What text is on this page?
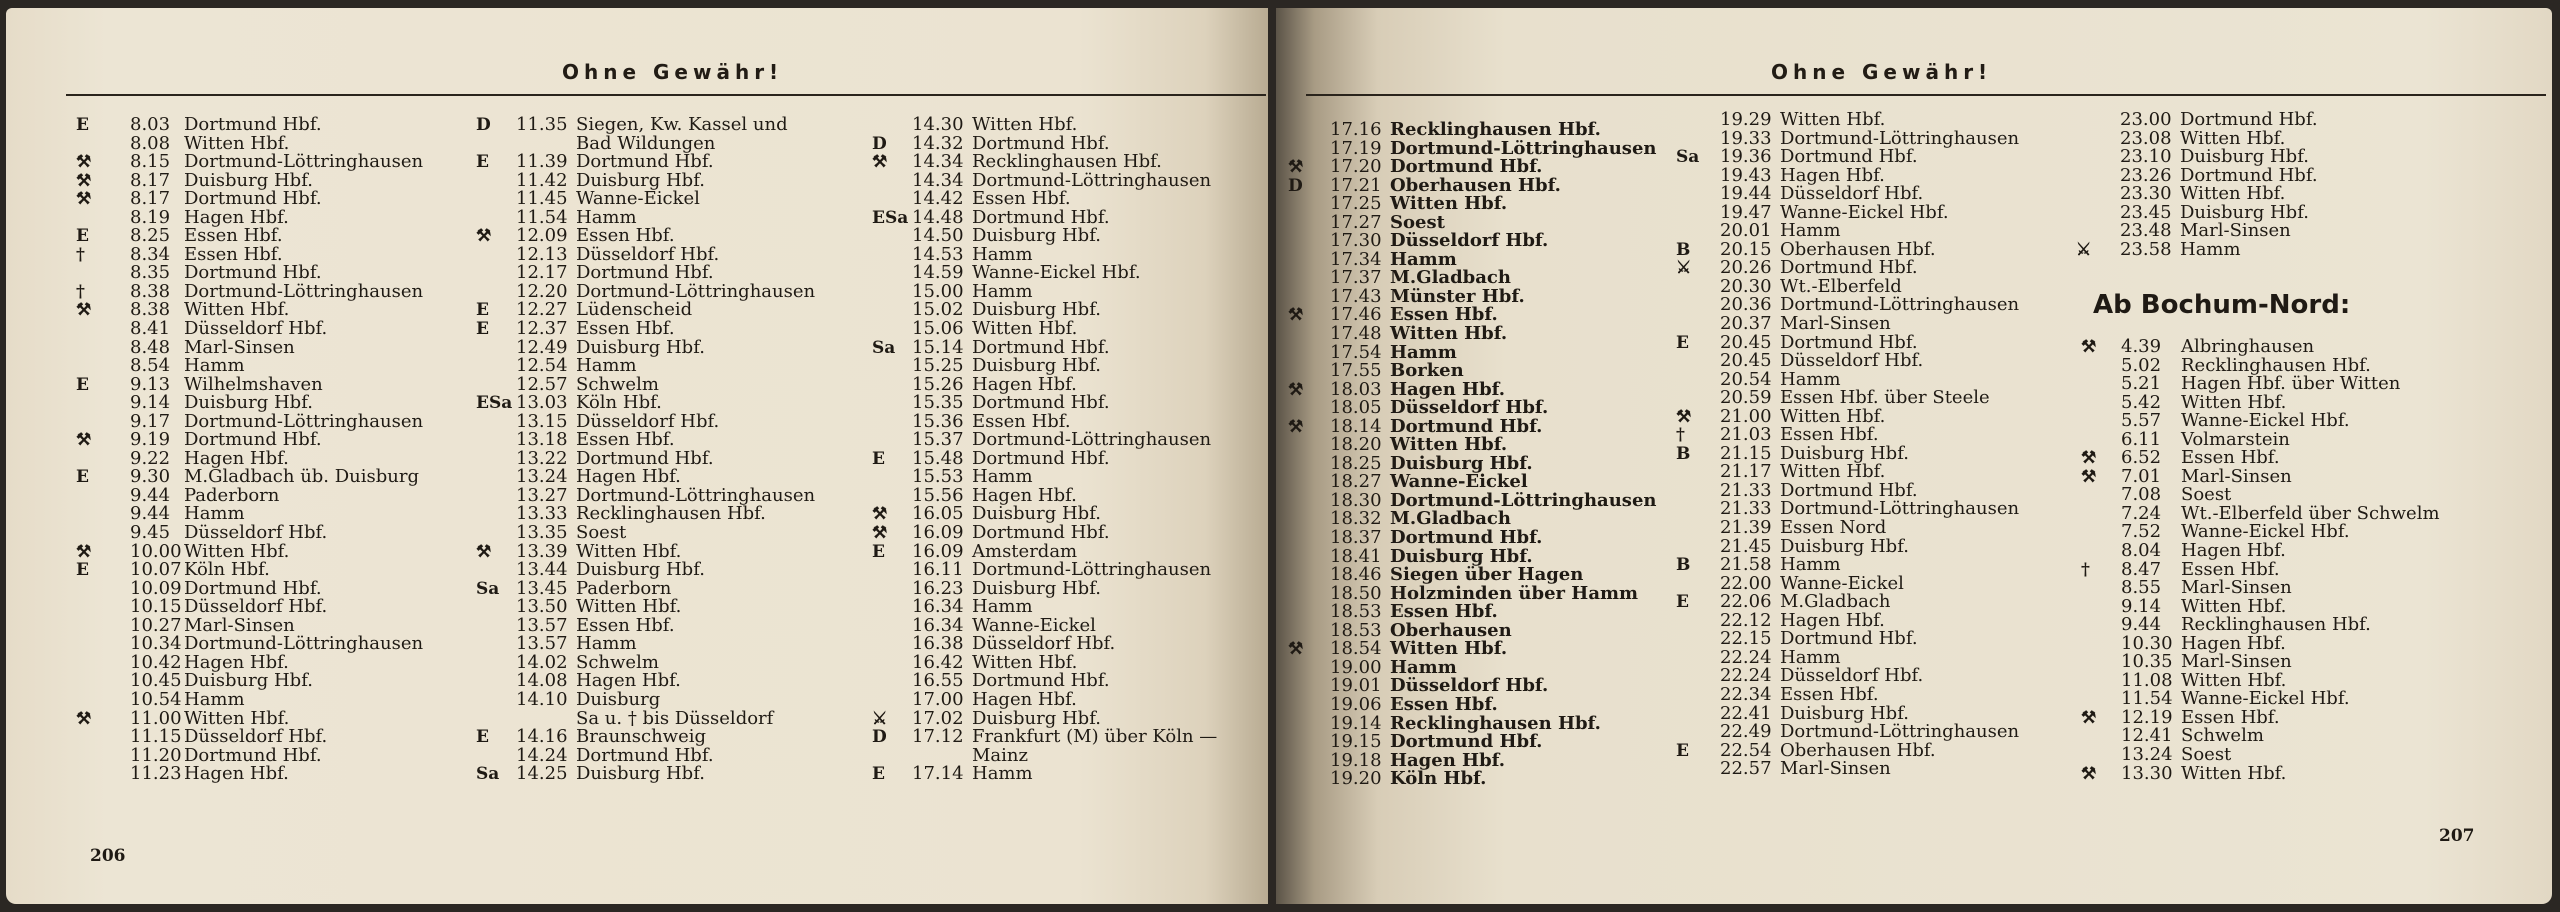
Ohne Gewähr!
E 8.03 Dortmund Hbf.
8.08 Witten Hbf.
⚒ 8.15 Dortmund-Löttringhausen
⚒ 8.17 Duisburg Hbf.
⚒ 8.17 Dortmund Hbf.
8.19 Hagen Hbf.
E 8.25 Essen Hbf.
†	8.34 Essen Hbf.
8.35 Dortmund Hbf.
†	8.38 Dortmund-Löttringhausen
⚒ 8.38 Witten Hbf.
8.41 Düsseldorf Hbf.
8.48 Marl-Sinsen
8.54 Hamm
E 9.13 Wilhelmshaven
9.14 Duisburg Hbf.
9.17 Dortmund-Löttringhausen
⚒ 9.19 Dortmund Hbf.
9.22 Hagen Hbf.
E 9.30 M.Gladbach üb. Duisburg
9.44 Paderborn
9.44 Hamm
9.45 Düsseldorf Hbf.
⚒ 10.00 Witten Hbf.
E 10.07 Köln Hbf.
10.09 Dortmund Hbf.
10.15 Düsseldorf Hbf.
10.27 Marl-Sinsen
10.34 Dortmund-Löttringhausen
10.42 Hagen Hbf.
10.45 Duisburg Hbf.
10.54 Hamm
⚒ 11.00 Witten Hbf.
11.15 Düsseldorf Hbf.
11.20 Dortmund Hbf.
11.23 Hagen Hbf.
D 11.35 Siegen, Kw. Kassel und
Bad Wildungen
E 11.39 Dortmund Hbf.
11.42 Duisburg Hbf.
11.45 Wanne-Eickel
11.54 Hamm
⚒ 12.09 Essen Hbf.
12.13 Düsseldorf Hbf.
12.17 Dortmund Hbf.
12.20 Dortmund-Löttringhausen
E 12.27 Lüdenscheid
E 12.37 Essen Hbf.
12.49 Duisburg Hbf.
12.54 Hamm
12.57 Schwelm
ESa 13.03 Köln Hbf.
13.15 Düsseldorf Hbf.
13.18 Essen Hbf.
13.22 Dortmund Hbf.
13.24 Hagen Hbf.
13.27 Dortmund-Löttringhausen
13.33 Recklinghausen Hbf.
13.35 Soest
⚒ 13.39 Witten Hbf.
13.44 Duisburg Hbf.
Sa 13.45 Paderborn
13.50 Witten Hbf.
13.57 Essen Hbf.
13.57 Hamm
14.02 Schwelm
14.08 Hagen Hbf.
14.10 Duisburg
Sa u. † bis Düsseldorf
E 14.16 Braunschweig
14.24 Dortmund Hbf.
Sa 14.25 Duisburg Hbf.
14.30 Witten Hbf.
D 14.32 Dortmund Hbf.
⚒ 14.34 Recklinghausen Hbf.
14.34 Dortmund-Löttringhausen
14.42 Essen Hbf.
ESa 14.48 Dortmund Hbf.
14.50 Duisburg Hbf.
14.53 Hamm
14.59 Wanne-Eickel Hbf.
15.00 Hamm
15.02 Duisburg Hbf.
15.06 Witten Hbf.
Sa 15.14 Dortmund Hbf.
15.25 Duisburg Hbf.
15.26 Hagen Hbf.
15.35 Dortmund Hbf.
15.36 Essen Hbf.
15.37 Dortmund-Löttringhausen
E 15.48 Dortmund Hbf.
15.53 Hamm
15.56 Hagen Hbf.
⚒ 16.05 Duisburg Hbf.
⚒ 16.09 Dortmund Hbf.
E 16.09 Amsterdam
16.11 Dortmund-Löttringhausen
16.23 Duisburg Hbf.
16.34 Hamm
16.34 Wanne-Eickel
16.38 Düsseldorf Hbf.
16.42 Witten Hbf.
16.55 Dortmund Hbf.
17.00 Hagen Hbf.
⚔ 17.02 Duisburg Hbf.
D 17.12 Frankfurt (M) über Köln —
Mainz
E 17.14 Hamm
206
Ohne Gewähr!
17.16 Recklinghausen Hbf.
17.19 Dortmund-Löttringhausen
⚒ 17.20 Dortmund Hbf.
D 17.21 Oberhausen Hbf.
17.25 Witten Hbf.
17.27 Soest
17.30 Düsseldorf Hbf.
17.34 Hamm
17.37 M.Gladbach
17.43 Münster Hbf.
⚒ 17.46 Essen Hbf.
17.48 Witten Hbf.
17.54 Hamm
17.55 Borken
⚒ 18.03 Hagen Hbf.
18.05 Düsseldorf Hbf.
⚒ 18.14 Dortmund Hbf.
18.20 Witten Hbf.
18.25 Duisburg Hbf.
18.27 Wanne-Eickel
18.30 Dortmund-Löttringhausen
18.32 M.Gladbach
18.37 Dortmund Hbf.
18.41 Duisburg Hbf.
18.46 Siegen über Hagen
18.50 Holzminden über Hamm
18.53 Essen Hbf.
18.53 Oberhausen
⚒ 18.54 Witten Hbf.
19.00 Hamm
19.01 Düsseldorf Hbf.
19.06 Essen Hbf.
19.14 Recklinghausen Hbf.
19.15 Dortmund Hbf.
19.18 Hagen Hbf.
19.20 Köln Hbf.
19.29 Witten Hbf.
19.33 Dortmund-Löttringhausen
Sa 19.36 Dortmund Hbf.
19.43 Hagen Hbf.
19.44 Düsseldorf Hbf.
19.47 Wanne-Eickel Hbf.
20.01 Hamm
B 20.15 Oberhausen Hbf.
⚔ 20.26 Dortmund Hbf.
20.30 Wt.-Elberfeld
20.36 Dortmund-Löttringhausen
20.37 Marl-Sinsen
E 20.45 Dortmund Hbf.
20.45 Düsseldorf Hbf.
20.54 Hamm
20.59 Essen Hbf. über Steele
⚒ 21.00 Witten Hbf.
† 21.03 Essen Hbf.
B 21.15 Duisburg Hbf.
21.17 Witten Hbf.
21.33 Dortmund Hbf.
21.33 Dortmund-Löttringhausen
21.39 Essen Nord
21.45 Duisburg Hbf.
B 21.58 Hamm
22.00 Wanne-Eickel
E 22.06 M.Gladbach
22.12 Hagen Hbf.
22.15 Dortmund Hbf.
22.24 Hamm
22.24 Düsseldorf Hbf.
22.34 Essen Hbf.
22.41 Duisburg Hbf.
22.49 Dortmund-Löttringhausen
E 22.54 Oberhausen Hbf.
22.57 Marl-Sinsen
23.00 Dortmund Hbf.
23.08 Witten Hbf.
23.10 Duisburg Hbf.
23.26 Dortmund Hbf.
23.30 Witten Hbf.
23.45 Duisburg Hbf.
23.48 Marl-Sinsen
⚔ 23.58 Hamm
Ab Bochum-Nord:
⚒ 4.39 Albringhausen
5.02 Recklinghausen Hbf.
5.21 Hagen Hbf. über Witten
5.42 Witten Hbf.
5.57 Wanne-Eickel Hbf.
6.11 Volmarstein
⚒ 6.52 Essen Hbf.
⚒ 7.01 Marl-Sinsen
7.08 Soest
7.24 Wt.-Elberfeld über Schwelm
7.52 Wanne-Eickel Hbf.
8.04 Hagen Hbf.
† 8.47 Essen Hbf.
8.55 Marl-Sinsen
9.14 Witten Hbf.
9.44 Recklinghausen Hbf.
10.30 Hagen Hbf.
10.35 Marl-Sinsen
11.08 Witten Hbf.
11.54 Wanne-Eickel Hbf.
⚒ 12.19 Essen Hbf.
12.41 Schwelm
13.24 Soest
⚒ 13.30 Witten Hbf.
207
